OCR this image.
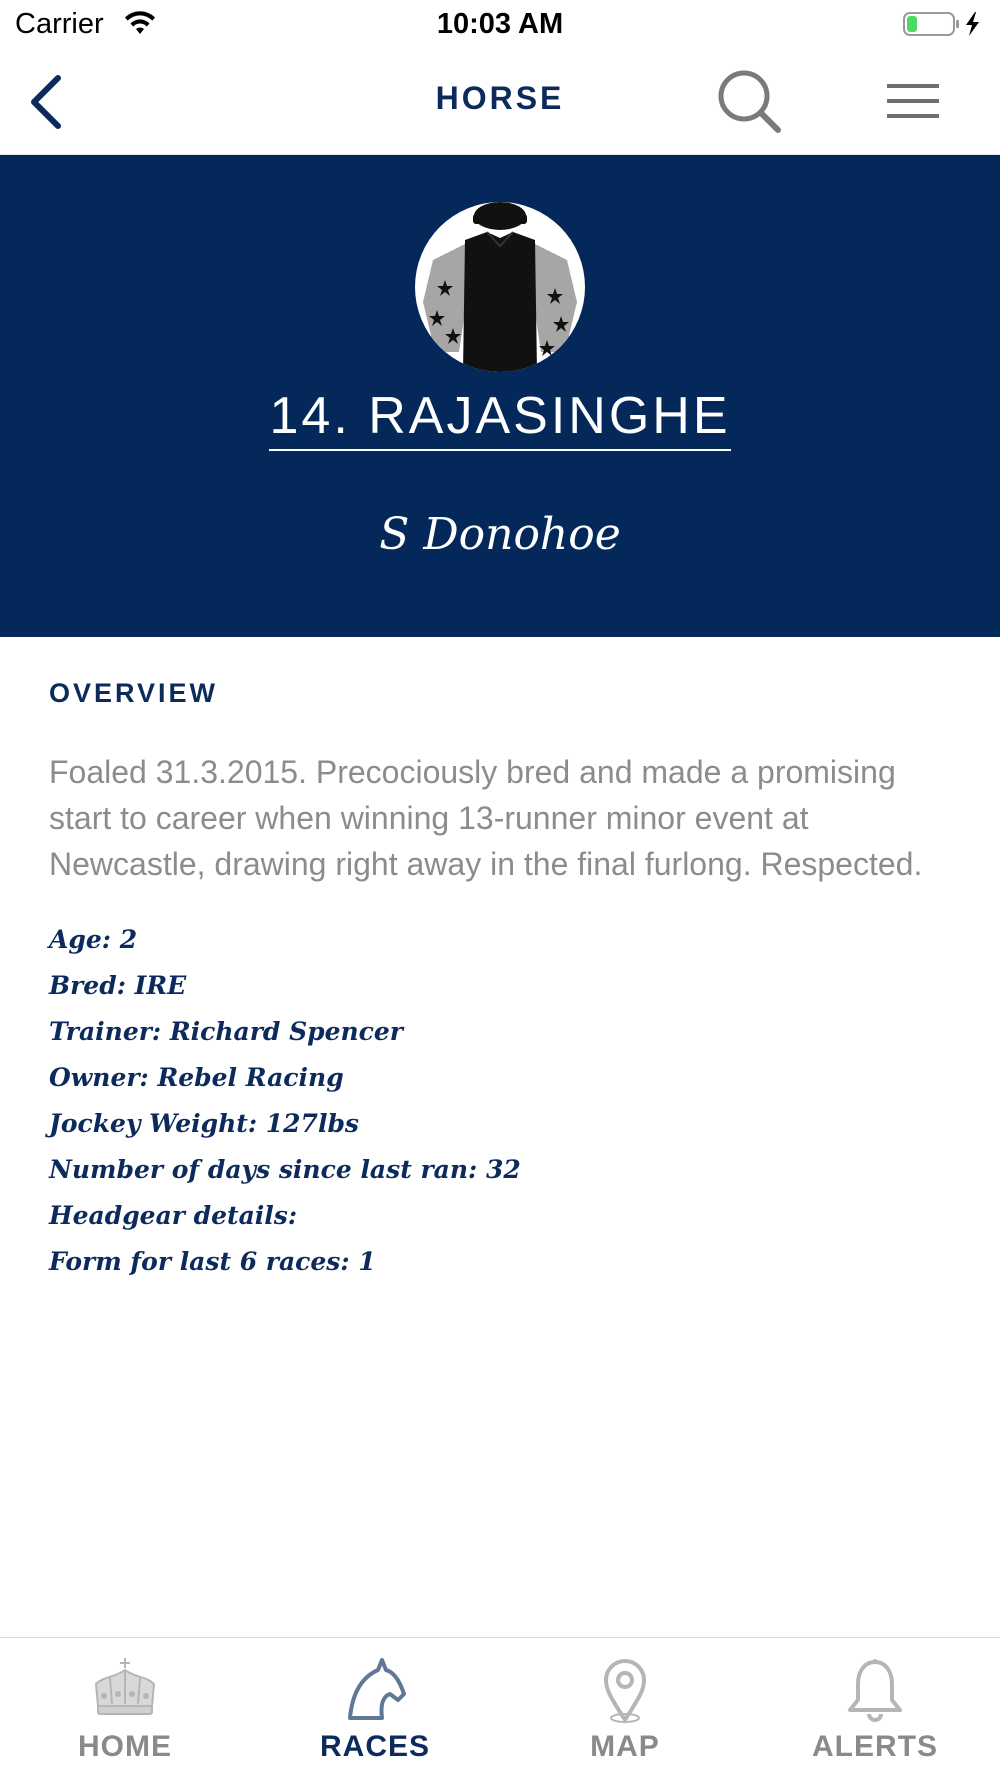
Carrier	10:03 AM
HORSE
14. RAJASINGHE
S Donohoe
OVERVIEW
Foaled 31.3.2015. Precociously bred and made a promising start to career when winning 13-runner minor event at Newcastle, drawing right away in the final furlong. Respected.
Age: 2
Bred: IRE
Trainer: Richard Spencer
Owner: Rebel Racing
Jockey Weight: 127lbs
Number of days since last ran: 32
Headgear details:
Form for last 6 races: 1
HOME	RACES	MAP	ALERTS
